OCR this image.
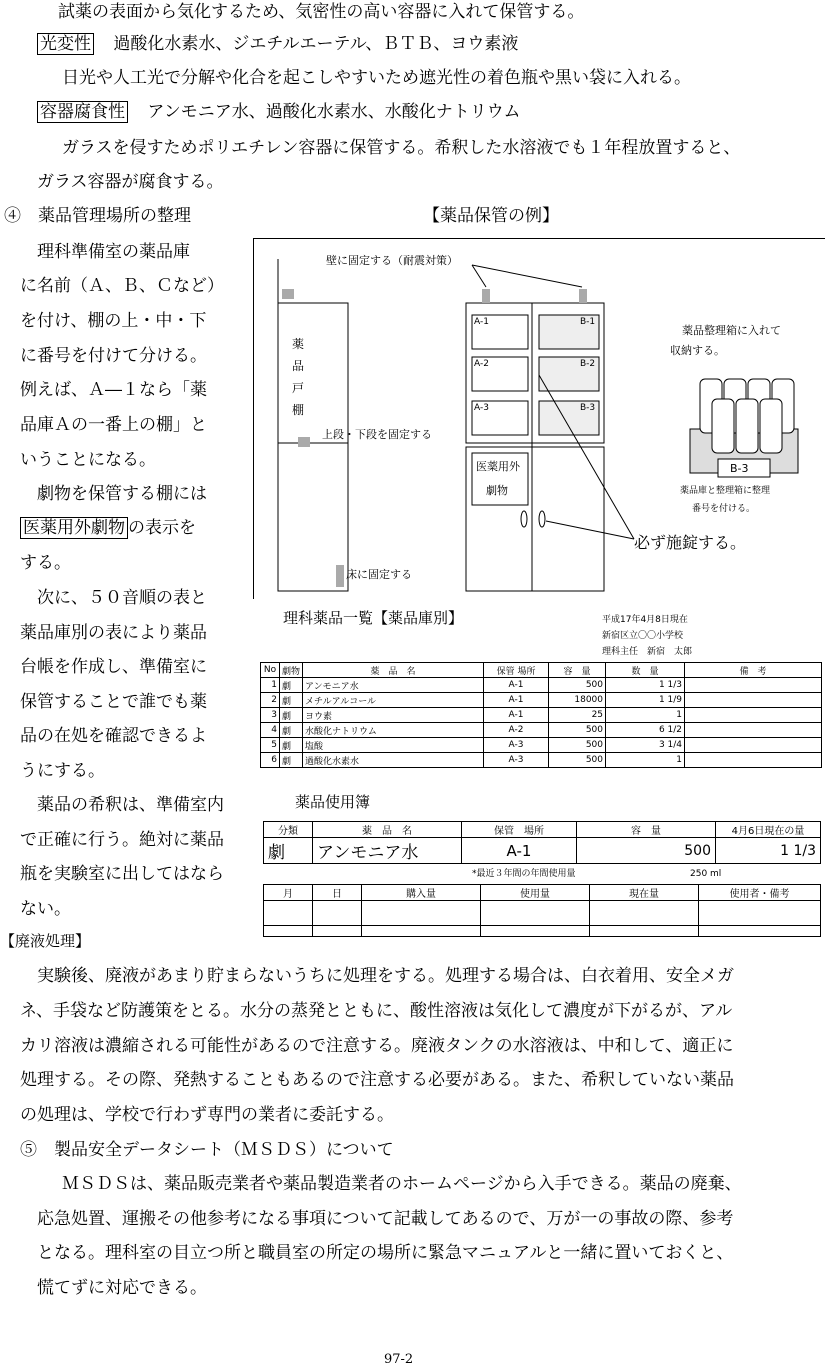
試薬の表面から気化するため、気密性の高い容器に入れて保管する。
光変性 過酸化水素水、ジエチルエーテル、ＢＴＢ、ヨウ素液
日光や人工光で分解や化合を起こしやすいため遮光性の着色瓶や黒い袋に入れる。
容器腐食性 アンモニア水、過酸化水素水、水酸化ナトリウム
ガラスを侵すためポリエチレン容器に保管する。希釈した水溶液でも１年程放置すると、
ガラス容器が腐食する。
④　薬品管理場所の整理	【薬品保管の例】
理科準備室の薬品庫
に名前（Ａ、Ｂ、Ｃなど）
を付け、棚の上・中・下
に番号を付けて分ける。
例えば、Ａ―１なら「薬
品庫Ａの一番上の棚」と
いうことになる。
劇物を保管する棚には
医薬用外劇物 の表示を
する。
次に、５０音順の表と
薬品庫別の表により薬品
台帳を作成し、準備室に
保管することで誰でも薬
品の在処を確認できるよ
うにする。
薬品の希釈は、準備室内
で正確に行う。絶対に薬品
瓶を実験室に出してはなら
ない。
壁に固定する（耐震対策）
薬
品
戸
棚
上段・下段を固定する
床に固定する
A-1
A-2
A-3
B-1
B-2
B-3
医薬用外
劇物
必ず施錠する。
薬品整理箱に入れて
収納する。
B-3
薬品庫と整理箱に整理
番号を付ける。
理科薬品一覧【薬品庫別】	平成17年4月8日現在
新宿区立〇〇小学校
理科主任　新宿　太郎
No	劇物	薬　品　名	保管 場所	容　量	数　量	備　考
1	劇	アンモニア水	A-1	500	1 1/3	
2	劇	メチルアルコール	A-1	18000	1 1/9	
3	劇	ヨウ素	A-1	25	1	
4	劇	水酸化ナトリウム	A-2	500	6 1/2	
5	劇	塩酸	A-3	500	3 1/4	
6	劇	過酸化水素水	A-3	500	1	
薬品使用簿
分類	薬　品　名	保管　場所	容　量	4月6日現在の量
劇	アンモニア水	A-1	500	1 1/3
*最近３年間の年間使用量	250 ml
月	日	購入量	使用量	現在量	使用者・備考

【廃液処理】
実験後、廃液があまり貯まらないうちに処理をする。処理する場合は、白衣着用、安全メガ
ネ、手袋など防護策をとる。水分の蒸発とともに、酸性溶液は気化して濃度が下がるが、アル
カリ溶液は濃縮される可能性があるので注意する。廃液タンクの水溶液は、中和して、適正に
処理する。その際、発熱することもあるので注意する必要がある。また、希釈していない薬品
の処理は、学校で行わず専門の業者に委託する。
⑤　製品安全データシート（ＭＳＤＳ）について
ＭＳＤＳは、薬品販売業者や薬品製造業者のホームページから入手できる。薬品の廃棄、
応急処置、運搬その他参考になる事項について記載してあるので、万が一の事故の際、参考
となる。理科室の目立つ所と職員室の所定の場所に緊急マニュアルと一緒に置いておくと、
慌てずに対応できる。
97-2
